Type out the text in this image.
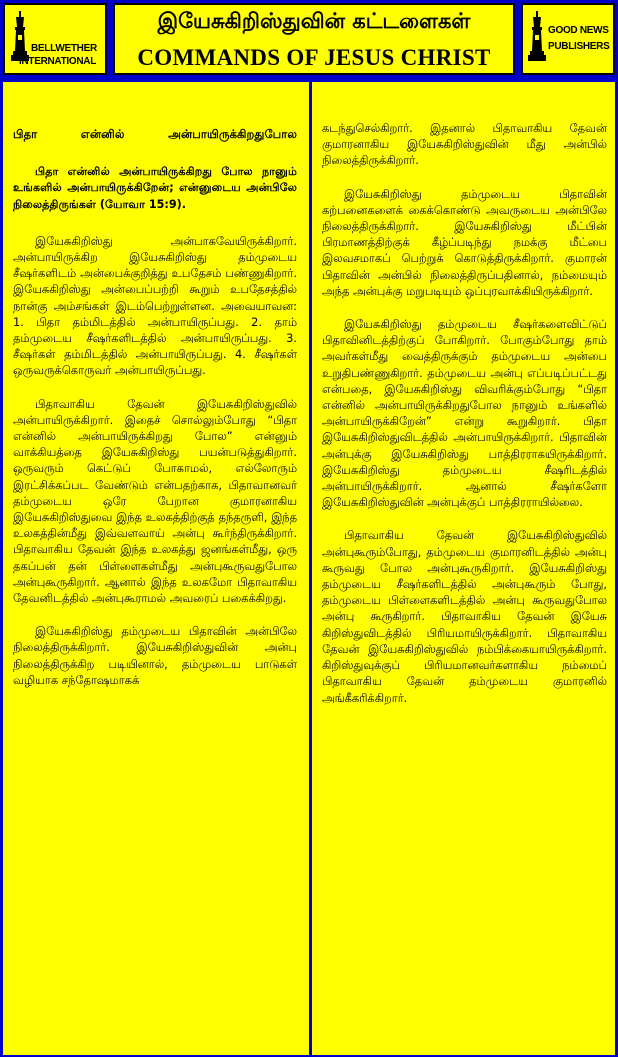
BELLWETHER
INTERNATIONAL
இயேசுகிறிஸ்துவின் கட்டளைகள்
COMMANDS OF JESUS CHRIST
GOOD NEWS
PUBLISHERS
பிதா என்னில் அன்பாயிருக்கிறதுபோல
பிதா என்னில் அன்பாயிருக்கிறது போல நானும் உங்களில் அன்பாயிருக்கிறேன்; என்னுடைய அன்பிலே நிலைத்திருங்கள் (யோவா 15:9).

இயேசுகிறிஸ்து அன்பாகவேயிருக்கிறார். அன்பாயிருக்கிற இயேசுகிறிஸ்து தம்முடைய சீஷர்களிடம் அன்பைக்குறித்து உபதேசம் பண்ணுகிறார். இயேசுகிறிஸ்து அன்பைப்பற்றி கூறும் உபதேசத்தில் நான்கு அம்சங்கள் இடம்பெற்றுள்ளன. அவையாவன: 1. பிதா தம்மிடத்தில் அன்பாயிருப்பது. 2. தாம் தம்முடைய சீஷர்களிடத்தில் அன்பாயிருப்பது. 3. சீஷர்கள் தம்மிடத்தில் அன்பாயிருப்பது. 4. சீஷர்கள் ஒருவருக்கொருவர் அன்பாயிருப்பது.

பிதாவாகிய தேவன் இயேசுகிறிஸ்துவில் அன்பாயிருக்கிறார். இதைச் சொல்லும்போது “பிதா என்னில் அன்பாயிருக்கிறது போல” என்னும் வாக்கியத்தை இயேசுகிறிஸ்து பயன்படுத்துகிறார். ஒருவரும் கெட்டுப் போகாமல், எல்லோரும் இரட்சிக்கப்பட வேண்டும் என்பதற்காக, பிதாவானவர் தம்முடைய ஒரே பேறான குமாரனாகிய இயேசுகிறிஸ்துவை இந்த உலகத்திற்குத் தந்தருளி, இந்த உலகத்தின்மீது இவ்வளவாய் அன்பு கூர்ந்திருக்கிறார். பிதாவாகிய தேவன் இந்த உலகத்து ஜனங்கள்மீது, ஒரு தகப்பன் தன் பிள்ளைகள்மீது அன்புகூருவதுபோல அன்புகூருகிறார். ஆனால் இந்த உலகமோ பிதாவாகிய தேவனிடத்தில் அன்புகூராமல் அவரைப் பகைக்கிறது.

இயேசுகிறிஸ்து தம்முடைய பிதாவின் அன்பிலே நிலைத்திருக்கிறார். இயேசுகிறிஸ்துவின் அன்பு நிலைத்திருக்கிற படியினால், தம்முடைய பாடுகள் வழியாக சந்தோஷமாகக்

கடந்துசெல்கிறார். இதனால் பிதாவாகிய தேவன் குமாரனாகிய இயேசுகிறிஸ்துவின் மீது அன்பில் நிலைத்திருக்கிறார்.

இயேசுகிறிஸ்து தம்முடைய பிதாவின் கற்பனைகளைக் கைக்கொண்டு அவருடைய அன்பிலே நிலைத்திருக்கிறார். இயேசுகிறிஸ்து மீட்பின் பிரமாணத்திற்குக் கீழ்ப்படிந்து நமக்கு மீட்பை இலவசமாகப் பெற்றுக் கொடுத்திருக்கிறார். குமாரன் பிதாவின் அன்பில் நிலைத்திருப்பதினால், நம்மையும் அந்த அன்புக்கு மறுபடியும் ஒப்புரவாக்கியிருக்கிறார்.

இயேசுகிறிஸ்து தம்முடைய சீஷர்களைவிட்டுப் பிதாவினிடத்திற்குப் போகிறார். போகும்போது தாம் அவர்கள்மீது வைத்திருக்கும் தம்முடைய அன்பை உறுதிபண்ணுகிறார். தம்முடைய அன்பு எப்படிப்பட்டது என்பதை, இயேசுகிறிஸ்து விவரிக்கும்போது “பிதா என்னில் அன்பாயிருக்கிறதுபோல நானும் உங்களில் அன்பாயிருக்கிறேன்” என்று கூறுகிறார். பிதா இயேசுகிறிஸ்துவிடத்தில் அன்பாயிருக்கிறார். பிதாவின் அன்புக்கு இயேசுகிறிஸ்து பாத்திரராகயிருக்கிறார். இயேசுகிறிஸ்து தம்முடைய சீஷரிடத்தில் அன்பாயிருக்கிறார். ஆனால் சீஷர்களோ இயேசுகிறிஸ்துவின் அன்புக்குப் பாத்திரராயில்லை.

பிதாவாகிய தேவன் இயேசுகிறிஸ்துவில் அன்புகூரும்போது, தம்முடைய குமாரனிடத்தில் அன்பு கூருவது போல அன்புகூருகிறார். இயேசுகிறிஸ்து தம்முடைய சீஷர்களிடத்தில் அன்புகூரும் போது, தம்முடைய பிள்ளைகளிடத்தில் அன்பு கூருவதுபோல அன்பு கூருகிறார். பிதாவாகிய தேவன் இயேசு கிறிஸ்துவிடத்தில் பிரியமாயிருக்கிறார். பிதாவாகிய தேவன் இயேசுகிறிஸ்துவில் நம்பிக்கையாயிருக்கிறார். கிறிஸ்துவுக்குப் பிரியமானவர்களாகிய நம்மைப் பிதாவாகிய தேவன் தம்முடைய குமாரனில் அங்கீகரிக்கிறார்.
